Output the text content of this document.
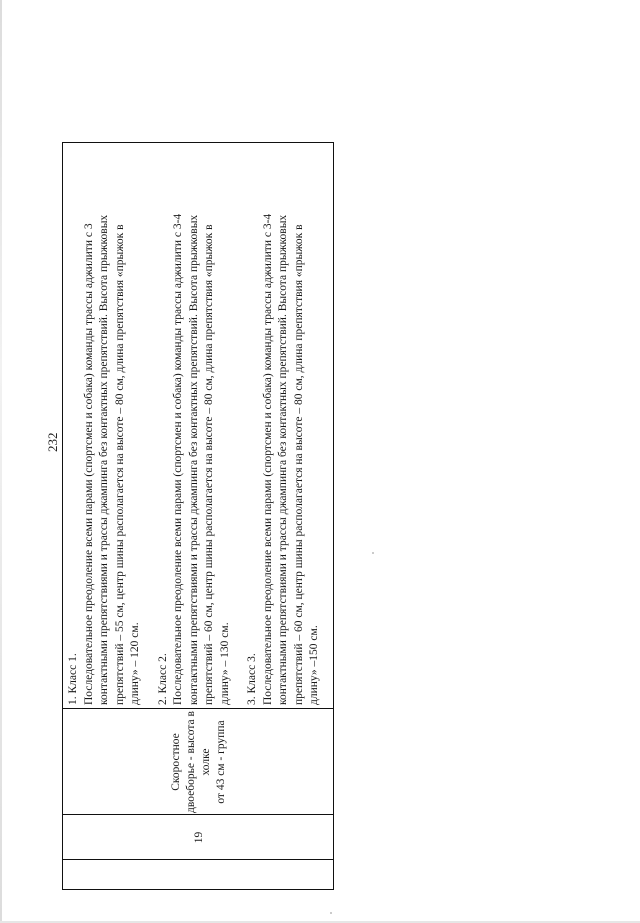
232
19
Скоростное двоеборье - высота в холке от 43 см - группа
1. Класс 1. Последовательное преодоление всеми парами (спортсмен и собака) команды трассы аджилити с 3 контактными препятствиями и трассы джампинга без контактных препятствий. Высота прыжковых препятствий – 55 см, центр шины располагается на высоте – 80 см, длина препятствия «прыжок в длину» – 120 см. 2. Класс 2. Последовательное преодоление всеми парами (спортсмен и собака) команды трассы аджилити с 3-4 контактными препятствиями и трассы джампинга без контактных препятствий. Высота прыжковых препятствий – 60 см, центр шины располагается на высоте – 80 см, длина препятствия «прыжок в длину» – 130 см. 3. Класс 3. Последовательное преодоление всеми парами (спортсмен и собака) команды трассы аджилити с 3-4 контактными препятствиями и трассы джампинга без контактных препятствий. Высота прыжковых препятствий – 60 см, центр шины располагается на высоте – 80 см, длина препятствия «прыжок в длину» –150 см.
